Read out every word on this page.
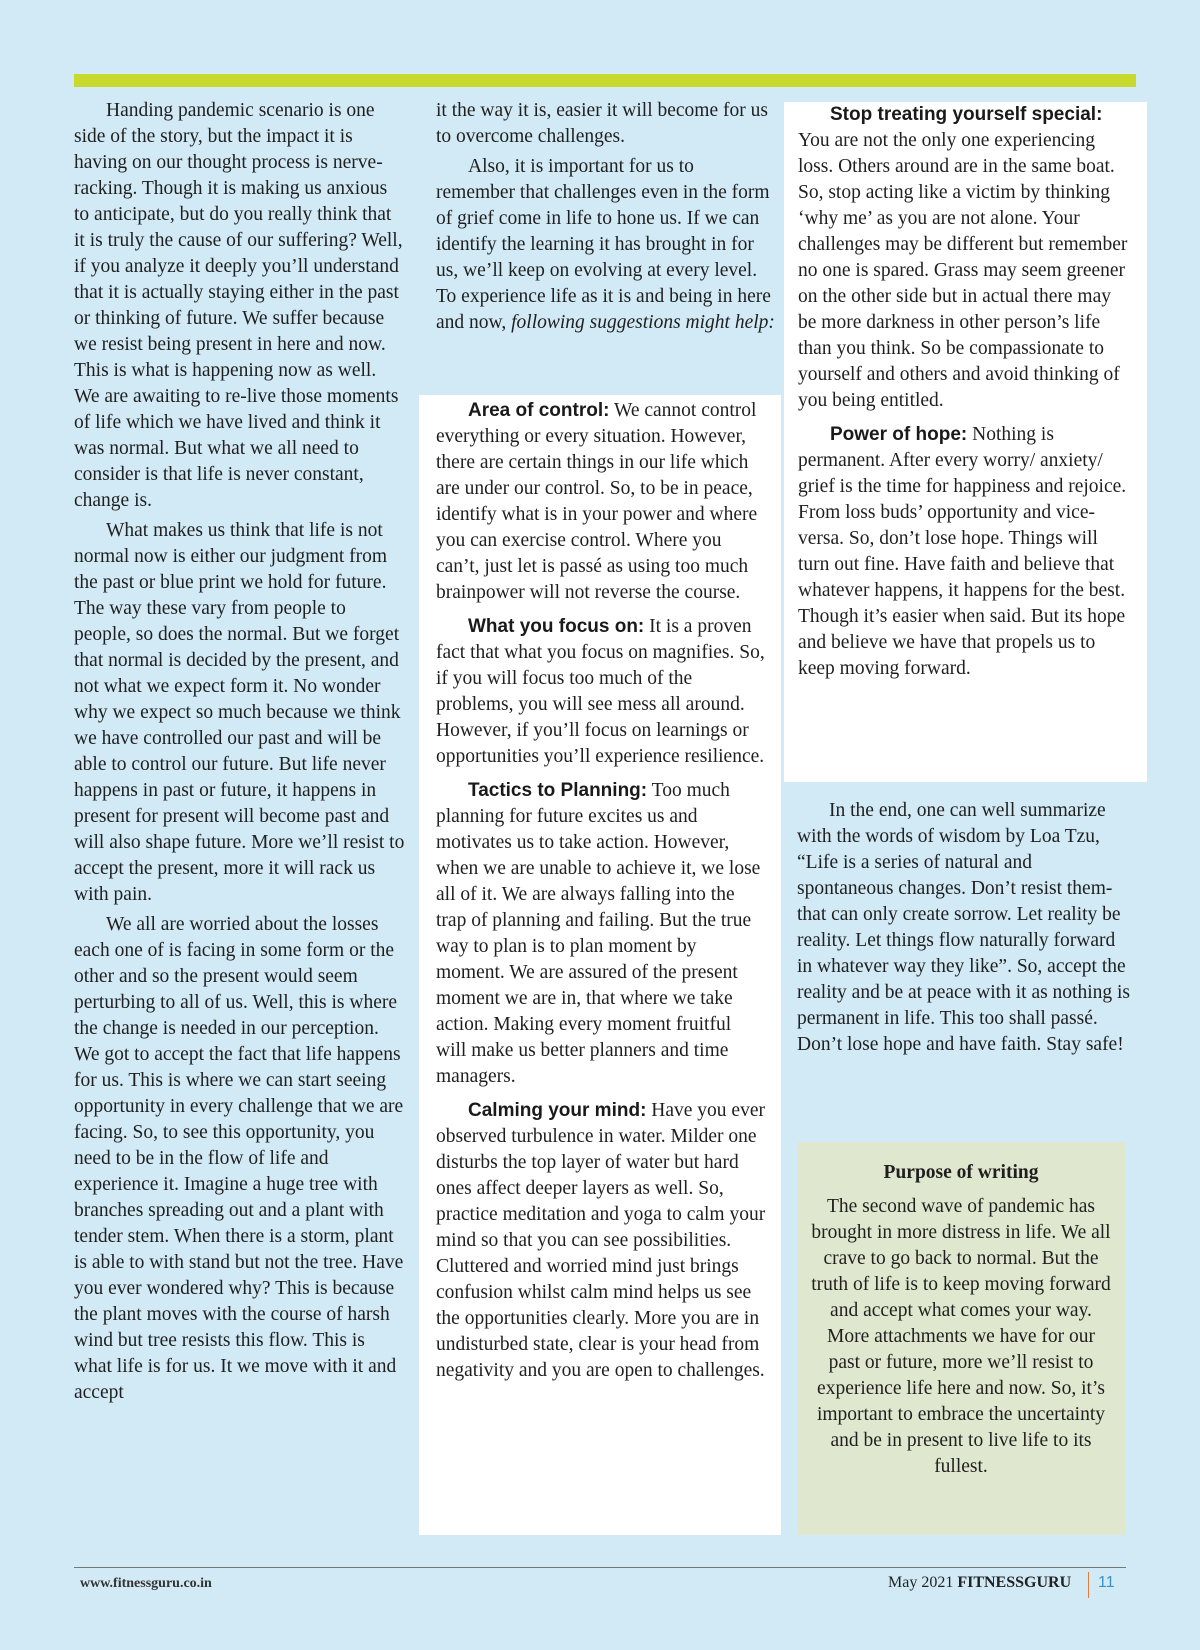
Handing pandemic scenario is one side of the story, but the impact it is having on our thought process is nerve- racking. Though it is making us anxious to anticipate, but do you really think that it is truly the cause of our suffering? Well, if you analyze it deeply you’ll understand that it is actually staying either in the past or thinking of future. We suffer because we resist being present in here and now. This is what is happening now as well. We are awaiting to re-live those moments of life which we have lived and think it was normal. But what we all need to consider is that life is never constant, change is.

What makes us think that life is not normal now is either our judgment from the past or blue print we hold for future. The way these vary from people to people, so does the normal. But we forget that normal is decided by the present, and not what we expect form it. No wonder why we expect so much because we think we have controlled our past and will be able to control our future. But life never happens in past or future, it happens in present for present will become past and will also shape future. More we’ll resist to accept the present, more it will rack us with pain.

We all are worried about the losses each one of is facing in some form or the other and so the present would seem perturbing to all of us. Well, this is where the change is needed in our perception. We got to accept the fact that life happens for us. This is where we can start seeing opportunity in every challenge that we are facing. So, to see this opportunity, you need to be in the flow of life and experience it. Imagine a huge tree with branches spreading out and a plant with tender stem. When there is a storm, plant is able to with stand but not the tree. Have you ever wondered why? This is because the plant moves with the course of harsh wind but tree resists this flow. This is what life is for us. It we move with it and accept

it the way it is, easier it will become for us to overcome challenges.

Also, it is important for us to remember that challenges even in the form of grief come in life to hone us. If we can identify the learning it has brought in for us, we’ll keep on evolving at every level. To experience life as it is and being in here and now, following suggestions might help:

Area of control: We cannot control everything or every situation. However, there are certain things in our life which are under our control. So, to be in peace, identify what is in your power and where you can exercise control. Where you can’t, just let is passé as using too much brainpower will not reverse the course.

What you focus on: It is a proven fact that what you focus on magnifies. So, if you will focus too much of the problems, you will see mess all around. However, if you’ll focus on learnings or opportunities you’ll experience resilience.

Tactics to Planning: Too much planning for future excites us and motivates us to take action. However, when we are unable to achieve it, we lose all of it. We are always falling into the trap of planning and failing. But the true way to plan is to plan moment by moment. We are assured of the present moment we are in, that where we take action. Making every moment fruitful will make us better planners and time managers.

Calming your mind: Have you ever observed turbulence in water. Milder one disturbs the top layer of water but hard ones affect deeper layers as well. So, practice meditation and yoga to calm your mind so that you can see possibilities. Cluttered and worried mind just brings confusion whilst calm mind helps us see the opportunities clearly. More you are in undisturbed state, clear is your head from negativity and you are open to challenges.

Stop treating yourself special: You are not the only one experiencing loss. Others around are in the same boat. So, stop acting like a victim by thinking ‘why me’ as you are not alone. Your challenges may be different but remember no one is spared. Grass may seem greener on the other side but in actual there may be more darkness in other person’s life than you think. So be compassionate to yourself and others and avoid thinking of you being entitled.

Power of hope: Nothing is permanent. After every worry/ anxiety/ grief is the time for happiness and rejoice. From loss buds’ opportunity and vice- versa. So, don’t lose hope. Things will turn out fine. Have faith and believe that whatever happens, it happens for the best. Though it’s easier when said. But its hope and believe we have that propels us to keep moving forward.

In the end, one can well summarize with the words of wisdom by Loa Tzu, “Life is a series of natural and spontaneous changes. Don’t resist them- that can only create sorrow. Let reality be reality. Let things flow naturally forward in whatever way they like”. So, accept the reality and be at peace with it as nothing is permanent in life. This too shall passé. Don’t lose hope and have faith. Stay safe!

Purpose of writing

The second wave of pandemic has brought in more distress in life. We all crave to go back to normal. But the truth of life is to keep moving forward and accept what comes your way. More attachments we have for our past or future, more we’ll resist to experience life here and now. So, it’s important to embrace the uncertainty and be in present to live life to its fullest.

www.fitnessguru.co.in	May 2021 FITNESSGURU 11
